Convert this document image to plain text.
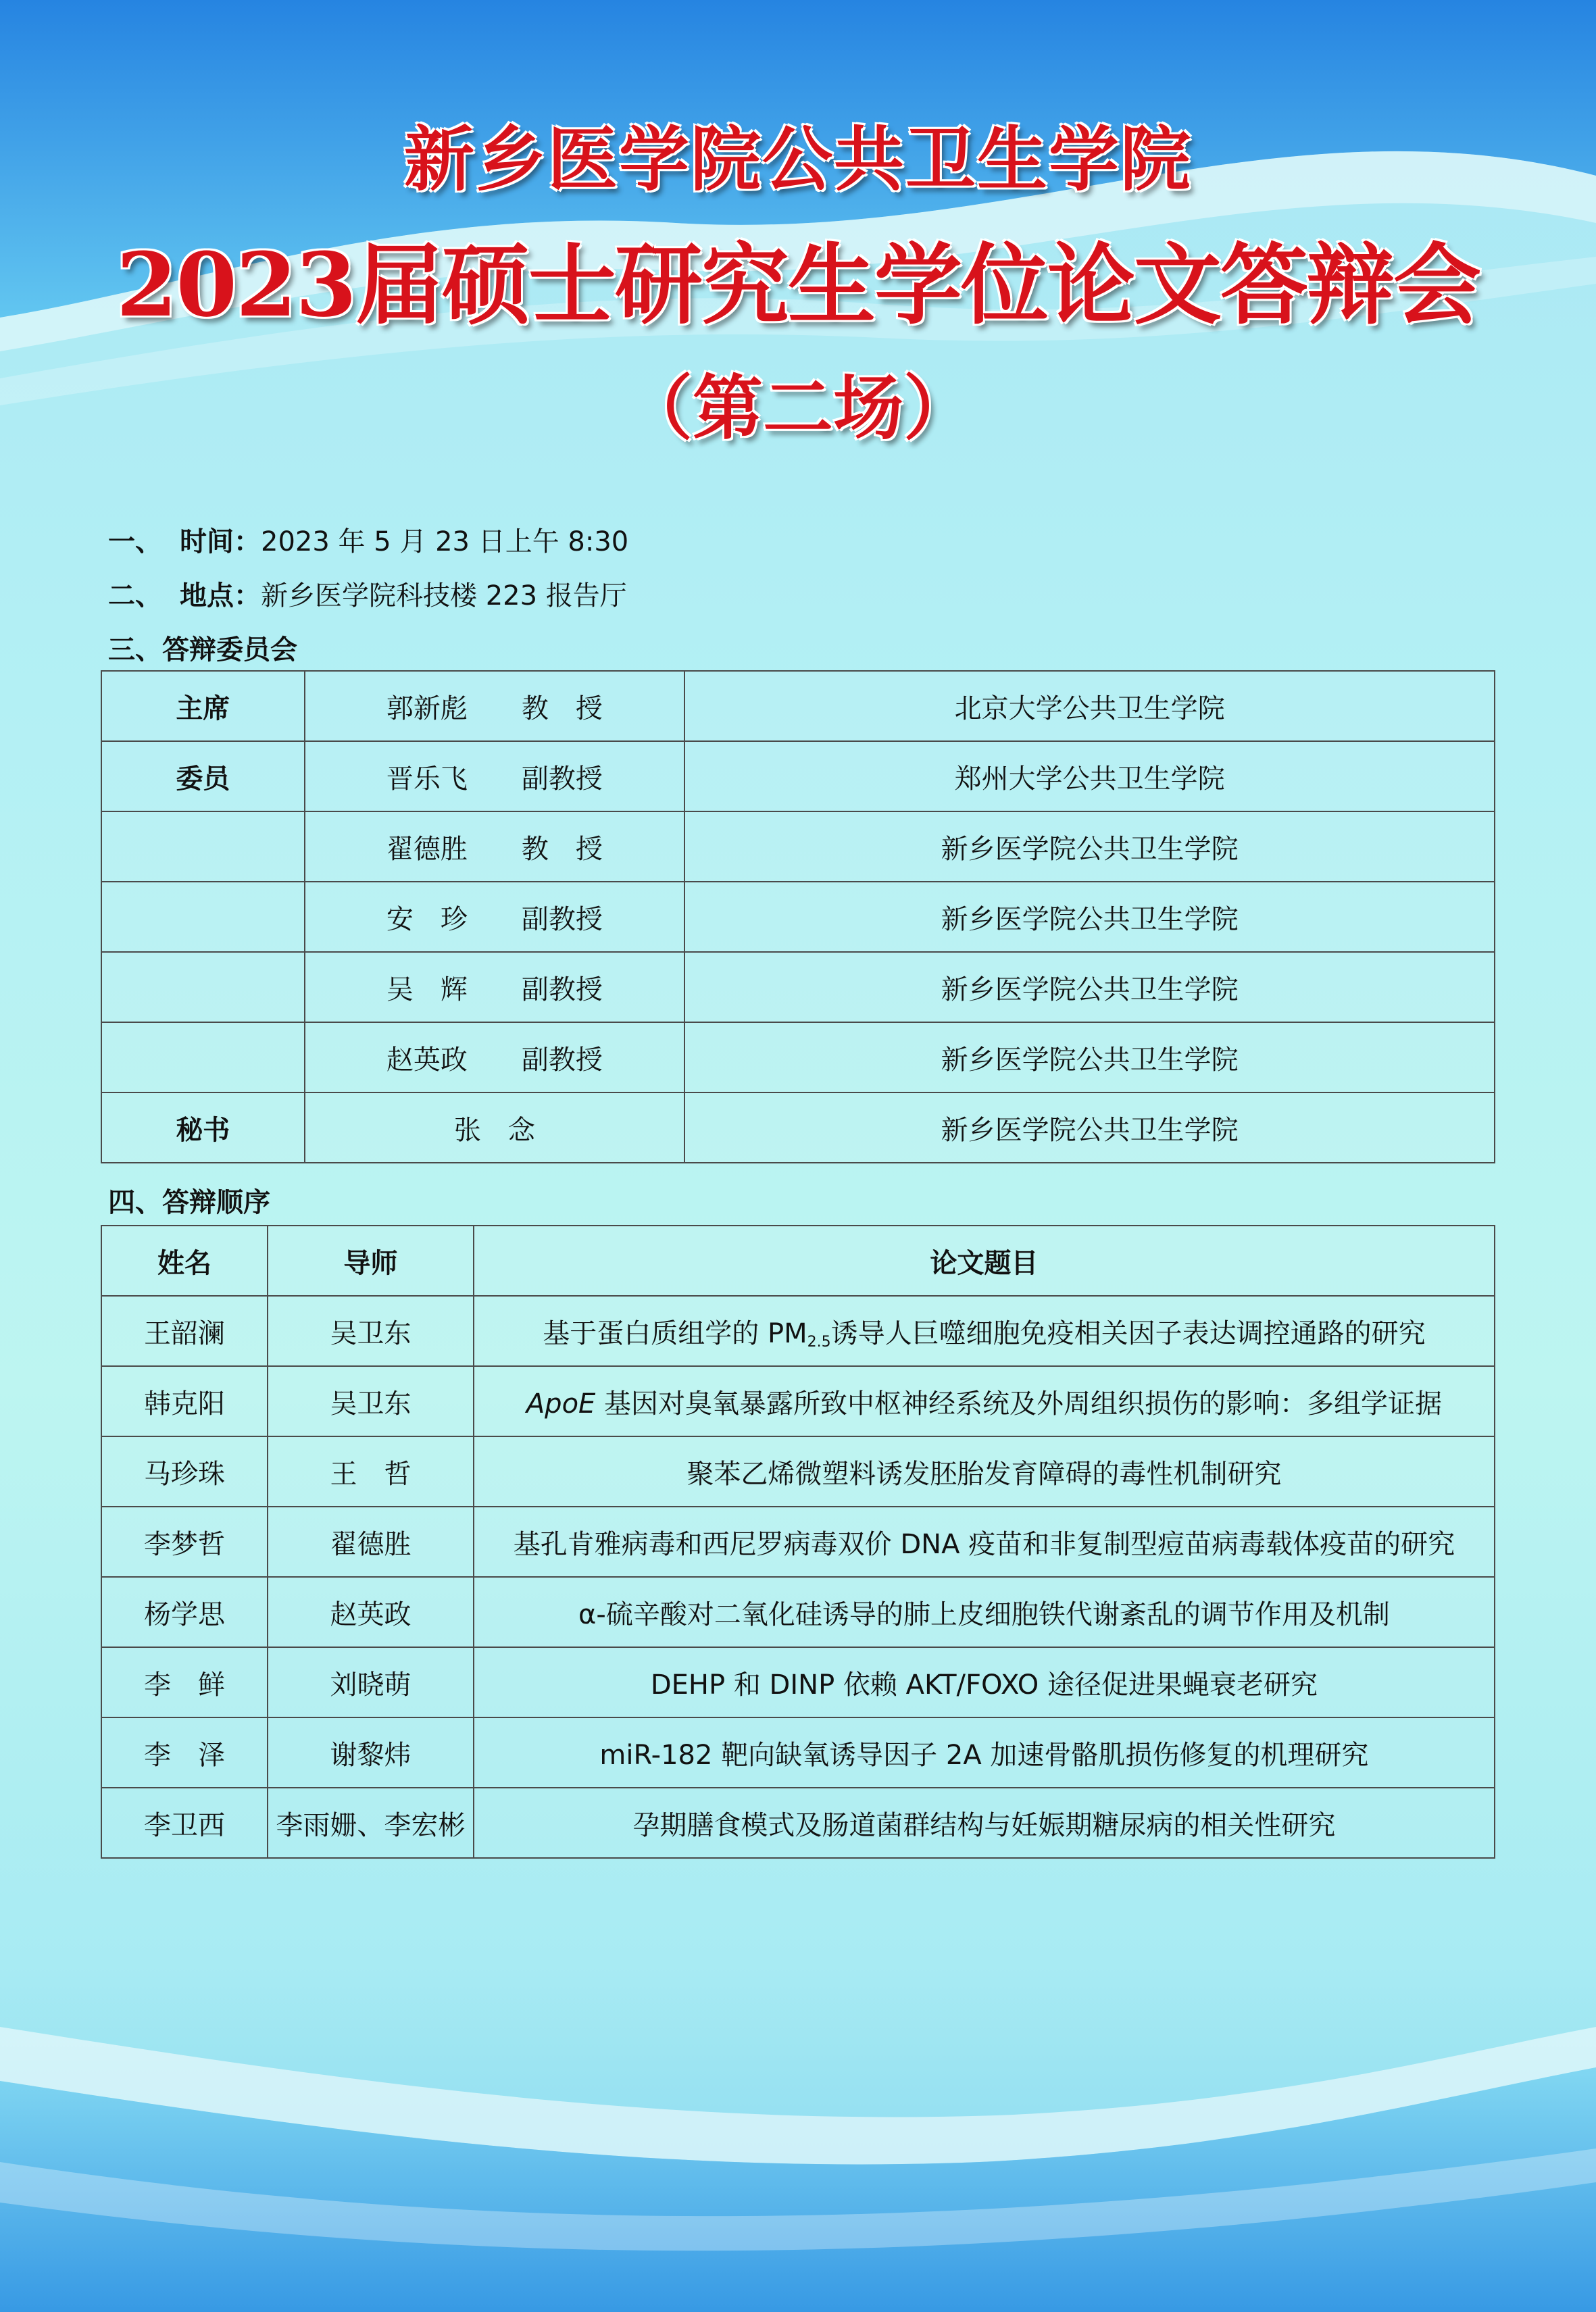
新乡医学院公共卫生学院
2023届硕士研究生学位论文答辩会
（第二场）
一、 时间：2023 年 5 月 23 日上午 8:30
二、 地点：新乡医学院科技楼 223 报告厅
三、答辩委员会
主席	郭新彪　　 教　授	北京大学公共卫生学院
委员	晋乐飞　　 副教授	郑州大学公共卫生学院
	翟德胜　　 教　授	新乡医学院公共卫生学院
	安　珍　　 副教授	新乡医学院公共卫生学院
	吴　辉　　 副教授	新乡医学院公共卫生学院
	赵英政　　 副教授	新乡医学院公共卫生学院
秘书	张　念	新乡医学院公共卫生学院
四、答辩顺序
姓名	导师	论文题目
王韶澜	吴卫东	基于蛋白质组学的 $PM_{2.5}$诱导人巨噬细胞免疫相关因子表达调控通路的研究
韩克阳	吴卫东	ApoE 基因对臭氧暴露所致中枢神经系统及外周组织损伤的影响：多组学证据
马珍珠	王　哲	聚苯乙烯微塑料诱发胚胎发育障碍的毒性机制研究
李梦哲	翟德胜	基孔肯雅病毒和西尼罗病毒双价 DNA 疫苗和非复制型痘苗病毒载体疫苗的研究
杨学思	赵英政	α-硫辛酸对二氧化硅诱导的肺上皮细胞铁代谢紊乱的调节作用及机制
李　鲜	刘晓萌	DEHP 和 DINP 依赖 AKT/FOXO 途径促进果蝇衰老研究
李　泽	谢黎炜	miR-182 靶向缺氧诱导因子 2A 加速骨骼肌损伤修复的机理研究
李卫西	李雨姗、李宏彬	孕期膳食模式及肠道菌群结构与妊娠期糖尿病的相关性研究
